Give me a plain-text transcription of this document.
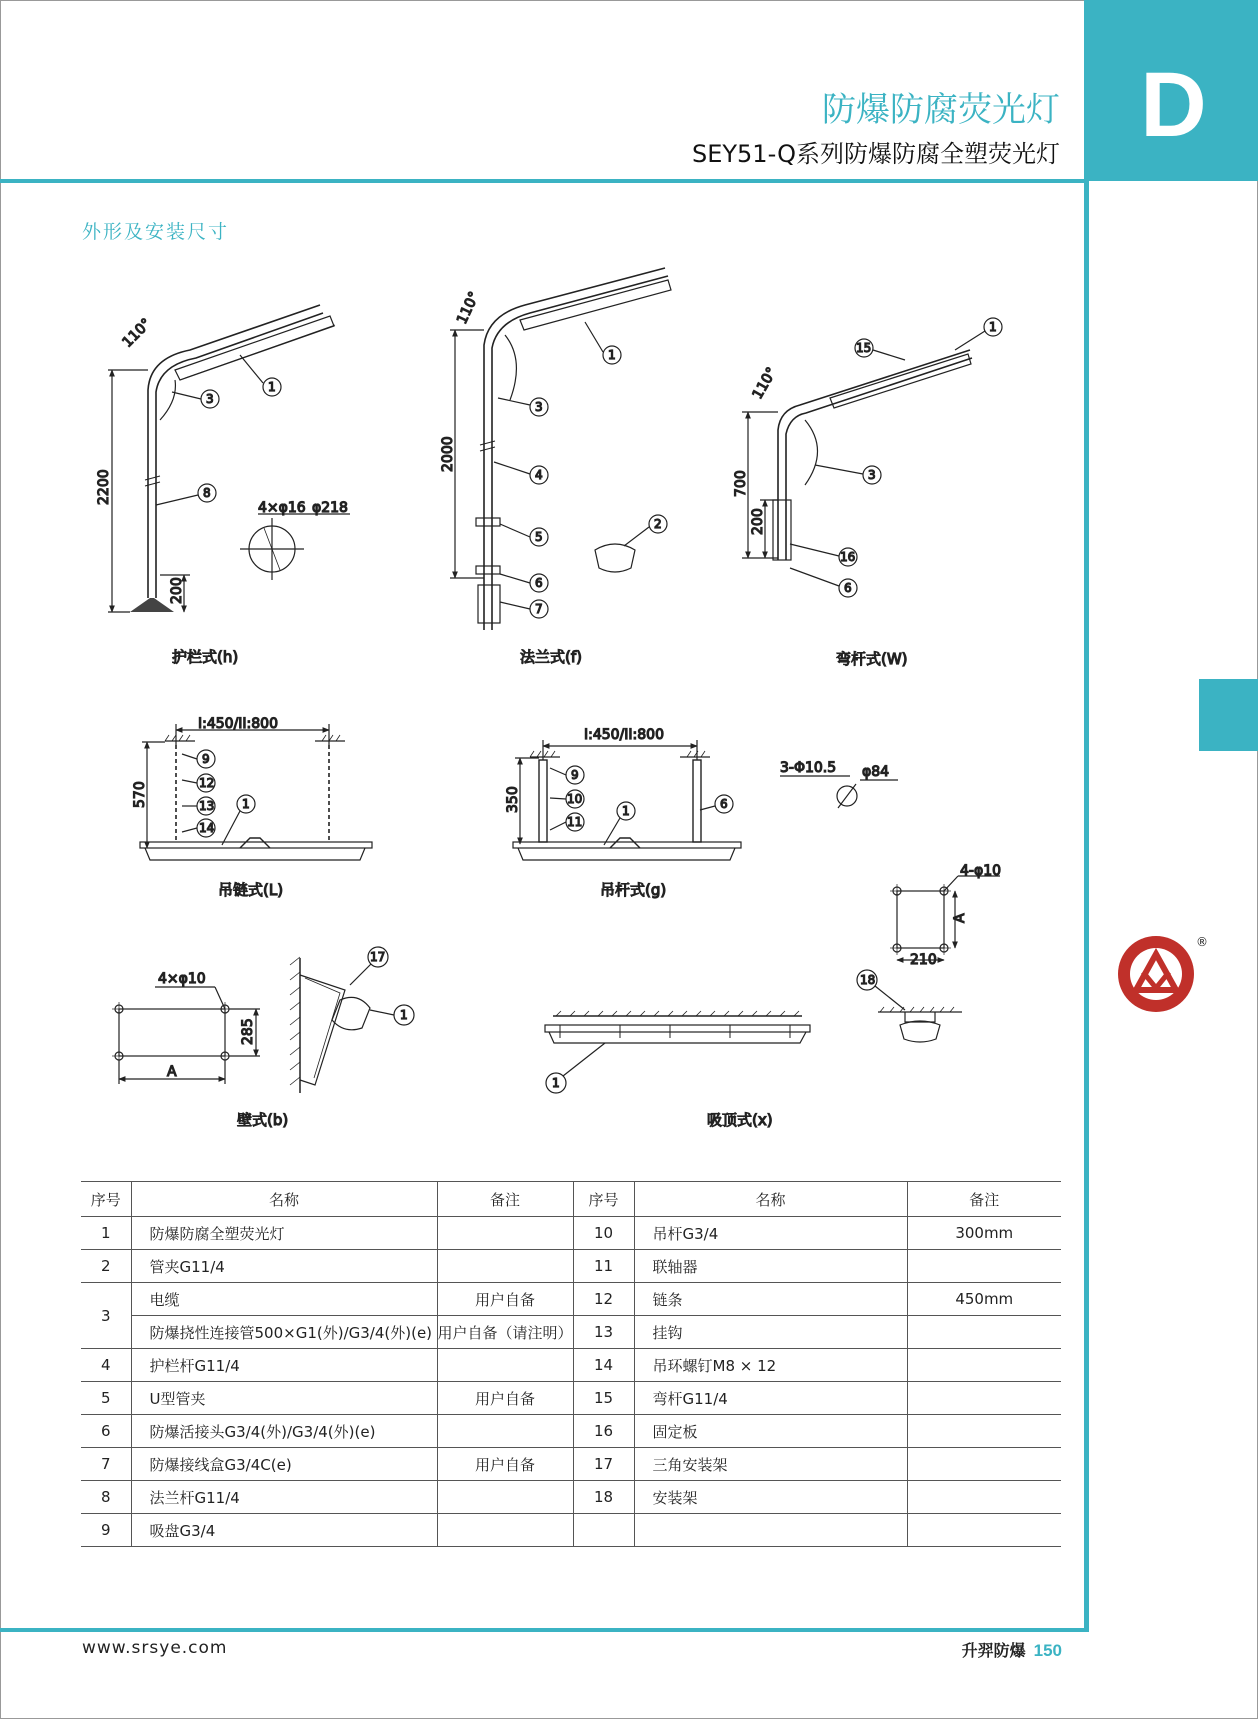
D
防爆防腐荧光灯
SEY51-Q系列防爆防腐全塑荧光灯
外形及安装尺寸
110°
2200
200
4×φ16 φ218
8
3
1
护栏式(h)
110°
2000
1
3
4
5
6
7
2
法兰式(f)
110°
700
200
15
1
3
16
6
弯杆式(W)
I:450/II:800
570
9
12
13
14
1
吊链式(L)
I:450/II:800
350
9
10
11
1	6
3-Φ10.5 φ84
吊杆式(g)
4-φ10
A
210
18
4×φ10
285
A
17
1
壁式(b)
1
吸顶式(x)
序号	名称	备注	序号	名称	备注
1	防爆防腐全塑荧光灯		10	吊杆G3/4	300mm
2	管夹G11/4		11	联轴器	
3	电缆	用户自备	12	链条	450mm
	防爆挠性连接管500×G1(外)/G3/4(外)(e)	用户自备（请注明）	13	挂钩	
4	护栏杆G11/4		14	吊环螺钉M8 × 12	
5	U型管夹	用户自备	15	弯杆G11/4	
6	防爆活接头G3/4(外)/G3/4(外)(e)		16	固定板	
7	防爆接线盒G3/4C(e)	用户自备	17	三角安装架	
8	法兰杆G11/4		18	安装架	
9	吸盘G3/4				
®
www.srsye.com	升羿防爆 150
